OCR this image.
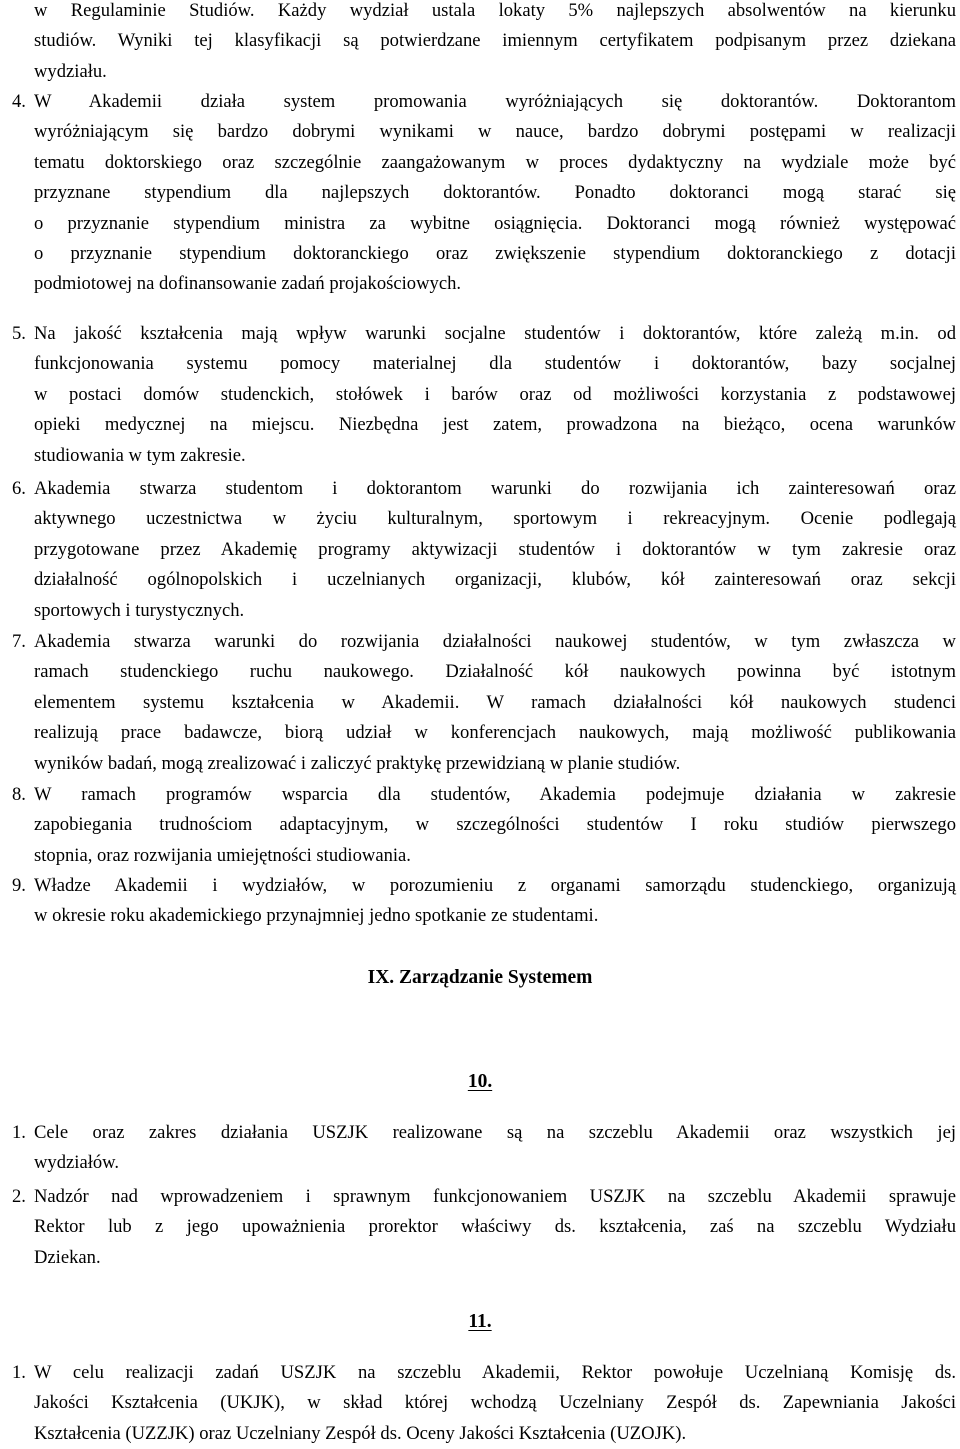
w Regulaminie Studiów. Każdy wydział ustala lokaty 5% najlepszych absolwentów na kierunku
studiów. Wyniki tej klasyfikacji są potwierdzane imiennym certyfikatem podpisanym przez dziekana
wydziału.
4. W Akademii działa system promowania wyróżniających się doktorantów. Doktorantom
wyróżniającym się bardzo dobrymi wynikami w nauce, bardzo dobrymi postępami w realizacji
tematu doktorskiego oraz szczególnie zaangażowanym w proces dydaktyczny na wydziale może być
przyznane stypendium dla najlepszych doktorantów. Ponadto doktoranci mogą starać się
o przyznanie stypendium ministra za wybitne osiągnięcia. Doktoranci mogą również występować
o przyznanie stypendium doktoranckiego oraz zwiększenie stypendium doktoranckiego z dotacji
podmiotowej na dofinansowanie zadań projakościowych.
5. Na jakość kształcenia mają wpływ warunki socjalne studentów i doktorantów, które zależą m.in. od
funkcjonowania systemu pomocy materialnej dla studentów i doktorantów, bazy socjalnej
w postaci domów studenckich, stołówek i barów oraz od możliwości korzystania z podstawowej
opieki medycznej na miejscu. Niezbędna jest zatem, prowadzona na bieżąco, ocena warunków
studiowania w tym zakresie.
6. Akademia stwarza studentom i doktorantom warunki do rozwijania ich zainteresowań oraz
aktywnego uczestnictwa w życiu kulturalnym, sportowym i rekreacyjnym. Ocenie podlegają
przygotowane przez Akademię programy aktywizacji studentów i doktorantów w tym zakresie oraz
działalność ogólnopolskich i uczelnianych organizacji, klubów, kół zainteresowań oraz sekcji
sportowych i turystycznych.
7. Akademia stwarza warunki do rozwijania działalności naukowej studentów, w tym zwłaszcza w
ramach studenckiego ruchu naukowego. Działalność kół naukowych powinna być istotnym
elementem systemu kształcenia w Akademii. W ramach działalności kół naukowych studenci
realizują prace badawcze, biorą udział w konferencjach naukowych, mają możliwość publikowania
wyników badań, mogą zrealizować i zaliczyć praktykę przewidzianą w planie studiów.
8. W ramach programów wsparcia dla studentów, Akademia podejmuje działania w zakresie
zapobiegania trudnościom adaptacyjnym, w szczególności studentów I roku studiów pierwszego
stopnia, oraz rozwijania umiejętności studiowania.
9. Władze Akademii i wydziałów, w porozumieniu z organami samorządu studenckiego, organizują
w okresie roku akademickiego przynajmniej jedno spotkanie ze studentami.
IX. Zarządzanie Systemem
10.
1. Cele oraz zakres działania USZJK realizowane są na szczeblu Akademii oraz wszystkich jej
wydziałów.
2. Nadzór nad wprowadzeniem i sprawnym funkcjonowaniem USZJK na szczeblu Akademii sprawuje
Rektor lub z jego upoważnienia prorektor właściwy ds. kształcenia, zaś na szczeblu Wydziału
Dziekan.
11.
1. W celu realizacji zadań USZJK na szczeblu Akademii, Rektor powołuje Uczelnianą Komisję ds.
Jakości Kształcenia (UKJK), w skład której wchodzą Uczelniany Zespół ds. Zapewniania Jakości
Kształcenia (UZZJK) oraz Uczelniany Zespół ds. Oceny Jakości Kształcenia (UZOJK).
